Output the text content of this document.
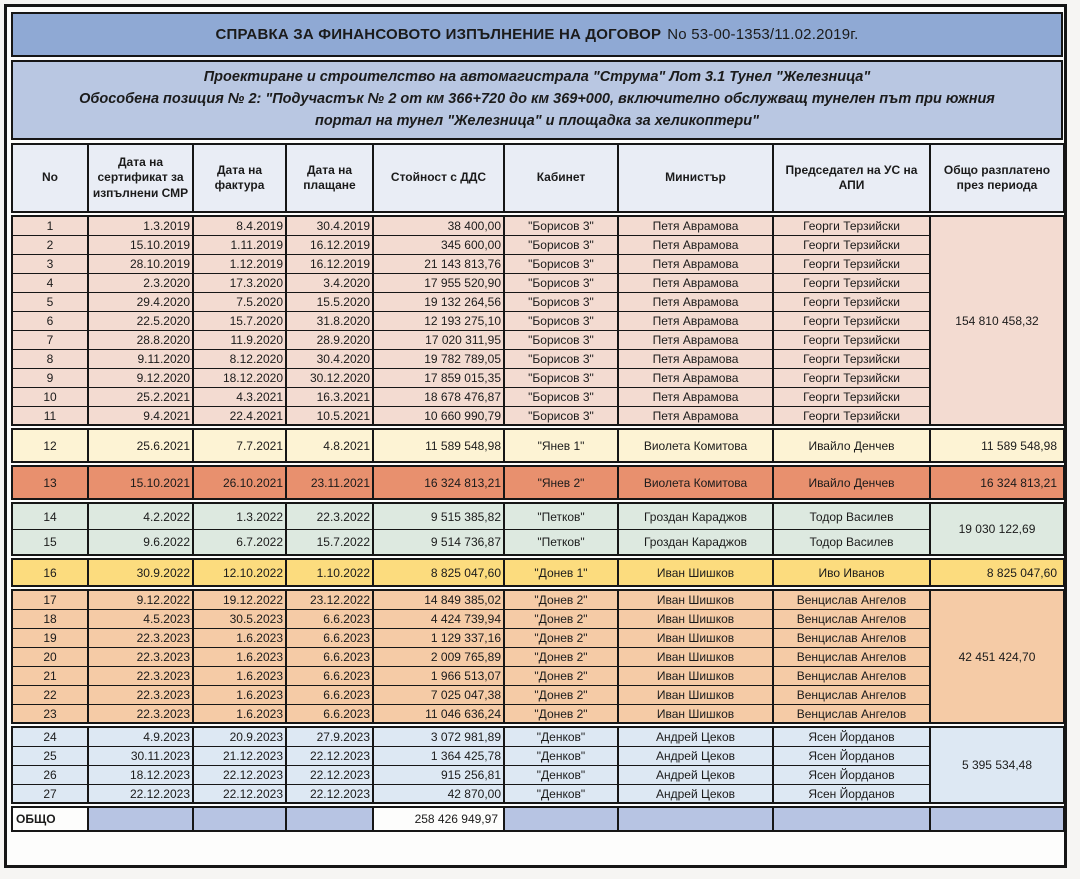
СПРАВКА ЗА ФИНАНСОВОТО ИЗПЪЛНЕНИЕ НА ДОГОВОР No 53-00-1353/11.02.2019г.
Проектиране и строителство на автомагистрала "Струма" Лот 3.1 Тунел "Железница"
Обособена позиция № 2: "Подучастък № 2 от км 366+720 до км 369+000, включително обслужващ тунелен път при южния
портал на тунел "Железница" и площадка за хеликоптери"
No	Дата на сертификат за изпълнени СМР	Дата на фактура	Дата на плащане	Стойност с ДДС	Кабинет	Министър	Председател на УС на АПИ	Общо разплатено през периода
1	1.3.2019	8.4.2019	30.4.2019	38 400,00	"Борисов 3"	Петя Аврамова	Георги Терзийски	154 810 458,32
2	15.10.2019	1.11.2019	16.12.2019	345 600,00	"Борисов 3"	Петя Аврамова	Георги Терзийски	
3	28.10.2019	1.12.2019	16.12.2019	21 143 813,76	"Борисов 3"	Петя Аврамова	Георги Терзийски	
4	2.3.2020	17.3.2020	3.4.2020	17 955 520,90	"Борисов 3"	Петя Аврамова	Георги Терзийски	
5	29.4.2020	7.5.2020	15.5.2020	19 132 264,56	"Борисов 3"	Петя Аврамова	Георги Терзийски	
6	22.5.2020	15.7.2020	31.8.2020	12 193 275,10	"Борисов 3"	Петя Аврамова	Георги Терзийски	
7	28.8.2020	11.9.2020	28.9.2020	17 020 311,95	"Борисов 3"	Петя Аврамова	Георги Терзийски	
8	9.11.2020	8.12.2020	30.4.2020	19 782 789,05	"Борисов 3"	Петя Аврамова	Георги Терзийски	
9	9.12.2020	18.12.2020	30.12.2020	17 859 015,35	"Борисов 3"	Петя Аврамова	Георги Терзийски	
10	25.2.2021	4.3.2021	16.3.2021	18 678 476,87	"Борисов 3"	Петя Аврамова	Георги Терзийски	
11	9.4.2021	22.4.2021	10.5.2021	10 660 990,79	"Борисов 3"	Петя Аврамова	Георги Терзийски	
12	25.6.2021	7.7.2021	4.8.2021	11 589 548,98	"Янев 1"	Виолета Комитова	Ивайло Денчев	11 589 548,98
13	15.10.2021	26.10.2021	23.11.2021	16 324 813,21	"Янев 2"	Виолета Комитова	Ивайло Денчев	16 324 813,21
14	4.2.2022	1.3.2022	22.3.2022	9 515 385,82	"Петков"	Гроздан Караджов	Тодор Василев	19 030 122,69
15	9.6.2022	6.7.2022	15.7.2022	9 514 736,87	"Петков"	Гроздан Караджов	Тодор Василев	
16	30.9.2022	12.10.2022	1.10.2022	8 825 047,60	"Донев 1"	Иван Шишков	Иво Иванов	8 825 047,60
17	9.12.2022	19.12.2022	23.12.2022	14 849 385,02	"Донев 2"	Иван Шишков	Венцислав Ангелов	42 451 424,70
18	4.5.2023	30.5.2023	6.6.2023	4 424 739,94	"Донев 2"	Иван Шишков	Венцислав Ангелов	
19	22.3.2023	1.6.2023	6.6.2023	1 129 337,16	"Донев 2"	Иван Шишков	Венцислав Ангелов	
20	22.3.2023	1.6.2023	6.6.2023	2 009 765,89	"Донев 2"	Иван Шишков	Венцислав Ангелов	
21	22.3.2023	1.6.2023	6.6.2023	1 966 513,07	"Донев 2"	Иван Шишков	Венцислав Ангелов	
22	22.3.2023	1.6.2023	6.6.2023	7 025 047,38	"Донев 2"	Иван Шишков	Венцислав Ангелов	
23	22.3.2023	1.6.2023	6.6.2023	11 046 636,24	"Донев 2"	Иван Шишков	Венцислав Ангелов	
24	4.9.2023	20.9.2023	27.9.2023	3 072 981,89	"Денков"	Андрей Цеков	Ясен Йорданов	5 395 534,48
25	30.11.2023	21.12.2023	22.12.2023	1 364 425,78	"Денков"	Андрей Цеков	Ясен Йорданов	
26	18.12.2023	22.12.2023	22.12.2023	915 256,81	"Денков"	Андрей Цеков	Ясен Йорданов	
27	22.12.2023	22.12.2023	22.12.2023	42 870,00	"Денков"	Андрей Цеков	Ясен Йорданов	
ОБЩО				258 426 949,97				
